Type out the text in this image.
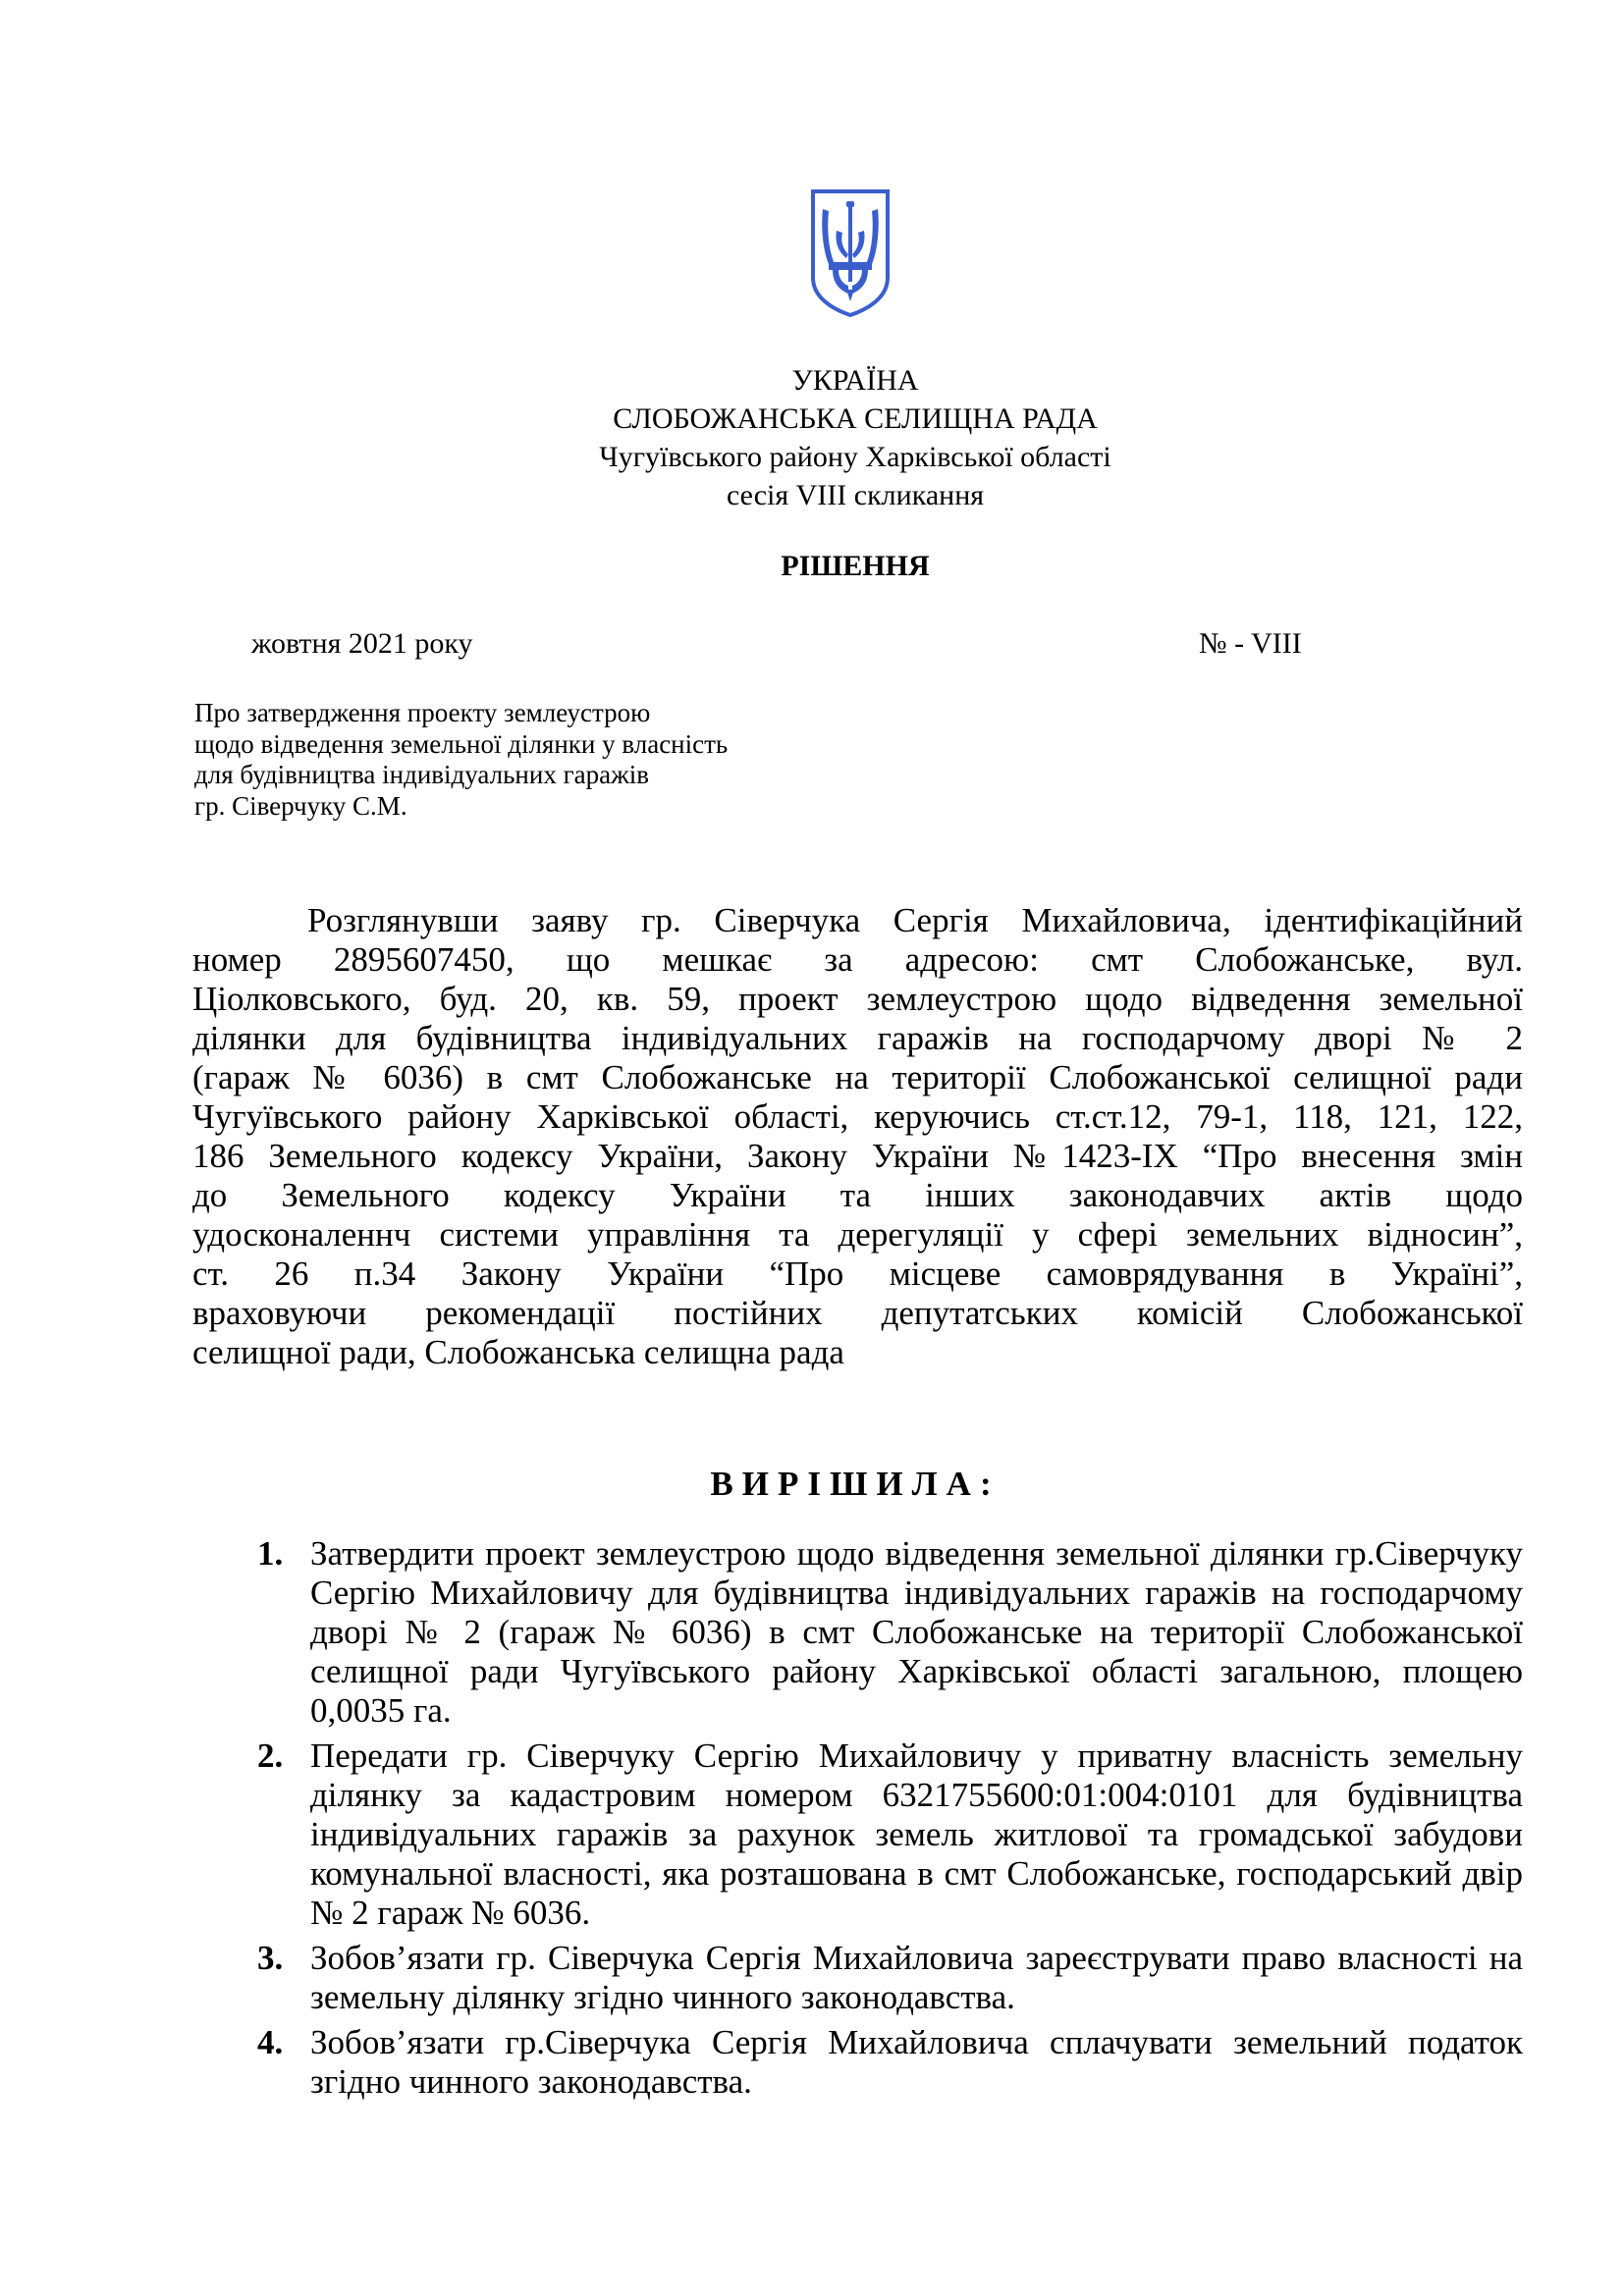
УКРАЇНА
СЛОБОЖАНСЬКА СЕЛИЩНА РАДА
Чугуївського району Харківської області
сесія VIII скликання
РІШЕННЯ
жовтня 2021 року	№ - VIII
Про затвердження проекту землеустрою
щодо відведення земельної ділянки у власність
для будівництва індивідуальних гаражів
гр. Сіверчуку С.М.
Розглянувши заяву гр. Сіверчука Сергія Михайловича, ідентифікаційний
номер 2895607450, що мешкає за адресою: смт Слобожанське, вул.
Ціолковського, буд. 20, кв. 59, проект землеустрою щодо відведення земельної
ділянки для будівництва індивідуальних гаражів на господарчому дворі № 2
(гараж № 6036) в смт Слобожанське на території Слобожанської селищної ради
Чугуївського району Харківської області, керуючись ст.ст.12, 79-1, 118, 121, 122,
186 Земельного кодексу України, Закону України №1423-IX “Про внесення змін
до Земельного кодексу України та інших законодавчих актів щодо
удосконаленнч системи управління та дерегуляції у сфері земельних відносин”,
ст. 26 п.34 Закону України “Про місцеве самоврядування в Україні”,
враховуючи рекомендації постійних депутатських комісій Слобожанської
селищної ради, Слобожанська селищна рада
ВИРІШИЛА:
1. Затвердити проект землеустрою щодо відведення земельної ділянки гр.Сіверчуку Сергію Михайловичу для будівництва індивідуальних гаражів на господарчому дворі № 2 (гараж № 6036) в смт Слобожанське на території Слобожанської селищної ради Чугуївського району Харківської області загальною, площею 0,0035 га.
2. Передати гр. Сіверчуку Сергію Михайловичу у приватну власність земельну ділянку за кадастровим номером 6321755600:01:004:0101 для будівництва індивідуальних гаражів за рахунок земель житлової та громадської забудови комунальної власності, яка розташована в смт Слобожанське, господарський двір № 2 гараж № 6036.
3. Зобов’язати гр. Сіверчука Сергія Михайловича зареєструвати право власності на земельну ділянку згідно чинного законодавства.
4. Зобов’язати гр.Сіверчука Сергія Михайловича сплачувати земельний податок згідно чинного законодавства.
